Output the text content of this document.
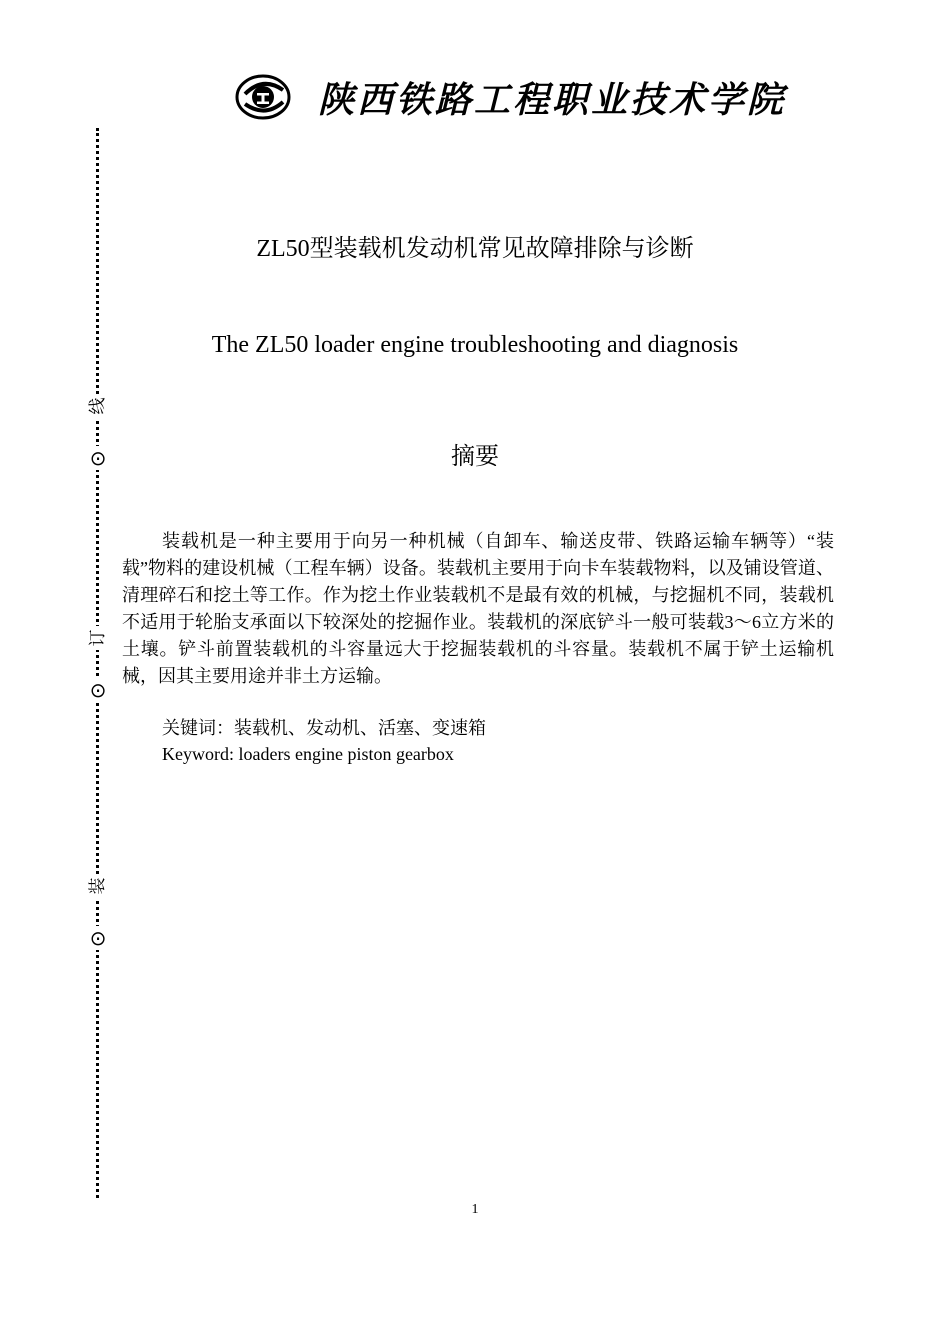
陕西铁路工程职业技术学院
线
⊙
订
⊙
装
⊙
ZL50型装载机发动机常见故障排除与诊断
The ZL50 loader engine troubleshooting and diagnosis
摘要

装载机是一种主要用于向另一种机械（自卸车、输送皮带、铁路运输车辆等）“装载”物料的建设机械（工程车辆）设备。装载机主要用于向卡车装载物料，以及铺设管道、清理碎石和挖土等工作。作为挖土作业装载机不是最有效的机械，与挖掘机不同，装载机不适用于轮胎支承面以下较深处的挖掘作业。装载机的深底铲斗一般可装载3～6立方米的土壤。铲斗前置装载机的斗容量远大于挖掘装载机的斗容量。装载机不属于铲土运输机械，因其主要用途并非土方运输。

关键词：装载机、发动机、活塞、变速箱
Keyword: loaders engine piston gearbox
1
